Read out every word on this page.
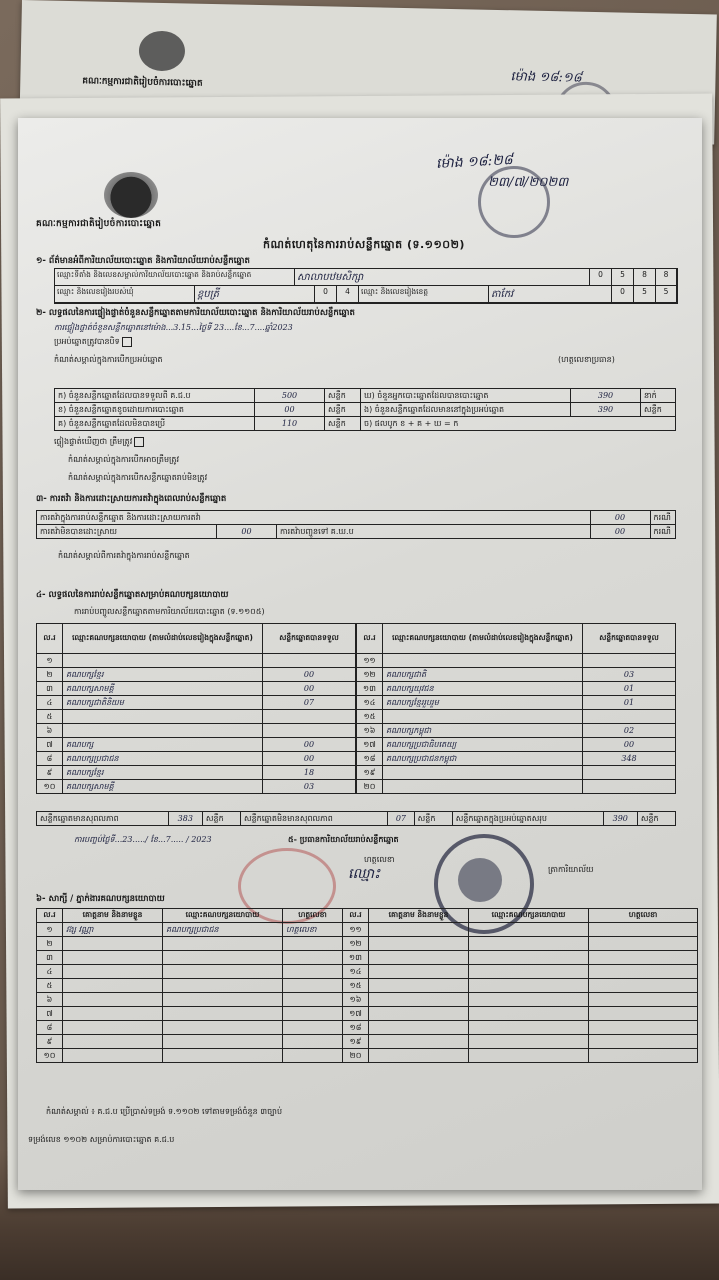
គណៈកម្មការជាតិរៀបចំការបោះឆ្នោត	ម៉ោង ១៨:១៨
គណៈកម្មការជាតិរៀបចំការបោះឆ្នោត
ម៉ោង ១៨:២៨
២៣/៧/២០២៣
កំណត់ហេតុនៃការរាប់សន្លឹកឆ្នោត (ទ.១១០២)
១- ព័ត៌មានអំពីការិយាល័យបោះឆ្នោត និងការិយាល័យរាប់សន្លឹកឆ្នោត
ឈ្មោះទីតាំង និងលេខសម្គាល់ការិយាល័យបោះឆ្នោត និងរាប់សន្លឹកឆ្នោត	សាលាបឋមសិក្សា	0	5	8	8
ឈ្មោះ និងលេខរៀងរបស់ឃុំ	ខ្ពបត្រី	0	4	ឈ្មោះ និងលេខរៀងខេត្ត	តាកែវ	0	5	5
២- លទ្ធផលនៃការផ្ទៀងផ្ទាត់ចំនួនសន្លឹកឆ្នោតតាមការិយាល័យបោះឆ្នោត និងការិយាល័យរាប់សន្លឹកឆ្នោត
ការផ្ទៀងផ្ទាត់ចំនួនសន្លឹកឆ្នោតនៅម៉ោង...3.15...ថ្ងៃទី 23....ខែ...7....ឆ្នាំ2023
ប្រអប់ឆ្នោតត្រូវបានបិទ
កំណត់សម្គាល់ក្នុងការបើកប្រអប់ឆ្នោត	(ហត្ថលេខាប្រធាន)
ក) ចំនួនសន្លឹកឆ្នោតដែលបានទទួលពី គ.ជ.ប	500	សន្លឹក	ឃ) ចំនួនអ្នកបោះឆ្នោតដែលបានបោះឆ្នោត	390	នាក់
ខ) ចំនួនសន្លឹកឆ្នោតខូចដោយការបោះឆ្នោត	00	សន្លឹក	ង) ចំនួនសន្លឹកឆ្នោតដែលមាននៅក្នុងប្រអប់ឆ្នោត	390	សន្លឹក
គ) ចំនួនសន្លឹកឆ្នោតដែលមិនបានប្រើ	110	សន្លឹក	ច) ផលបូក ខ + គ + ឃ = ក		
ផ្ទៀងផ្ទាត់ឃើញថា ត្រឹមត្រូវ
កំណត់សម្គាល់ក្នុងការបើកអាចត្រឹមត្រូវ
កំណត់សម្គាល់ក្នុងការបើកសន្លឹកឆ្នោតរាប់មិនត្រូវ
៣- ការតវ៉ា និងការដោះស្រាយការតវ៉ាក្នុងពេលរាប់សន្លឹកឆ្នោត
ការតវ៉ាក្នុងការរាប់សន្លឹកឆ្នោត និងការដោះស្រាយការតវ៉ា			00	ករណី
ការតវ៉ាមិនបានដោះស្រាយ	00	ការតវ៉ាបញ្ជូនទៅ គ.ឃ.ប	00	ករណី
កំណត់សម្គាល់ពីការតវ៉ាក្នុងការរាប់សន្លឹកឆ្នោត
៤- លទ្ធផលនៃការរាប់សន្លឹកឆ្នោតសម្រាប់គណបក្សនយោបាយ
ការរាប់បញ្ចូលសន្លឹកឆ្នោតតាមការិយាល័យបោះឆ្នោត (ទ.១១០៥)
ល.រ	ឈ្មោះគណបក្សនយោបាយ (តាមលំដាប់លេខរៀងក្នុងសន្លឹកឆ្នោត)	សន្លឹកឆ្នោតបានទទួល
១		
២	គណបក្សខ្មែរ	00
៣	គណបក្សសាមគ្គី	00
៤	គណបក្សជាតិនិយម	07
៥		
៦		
៧	គណបក្ស	00
៨	គណបក្សប្រជាជន	00
៩	គណបក្សខ្មែរ	18
១០	គណបក្សសាមគ្គី	03
ល.រ	ឈ្មោះគណបក្សនយោបាយ (តាមលំដាប់លេខរៀងក្នុងសន្លឹកឆ្នោត)	សន្លឹកឆ្នោតបានទទួល
១១		
១២	គណបក្សជាតិ	03
១៣	គណបក្សយុវជន	01
១៤	គណបក្សខ្មែររួបរួម	01
១៥		
១៦	គណបក្សកម្ពុជា	02
១៧	គណបក្សប្រជាធិបតេយ្យ	00
១៨	គណបក្សប្រជាជនកម្ពុជា	348
១៩		
២០		
សន្លឹកឆ្នោតមានសុពលភាព	383	សន្លឹក	សន្លឹកឆ្នោតមិនមានសុពលភាព	07	សន្លឹក	សន្លឹកឆ្នោតក្នុងប្រអប់ឆ្នោតសរុប	390	សន្លឹក
ការបញ្ចប់ថ្ងៃទី...23...../ ខែ...7..... / 2023	៥- ប្រធានការិយាល័យរាប់សន្លឹកឆ្នោត
ហត្ថលេខា
ឈ្មោះ	ត្រាការិយាល័យ
៦- សាក្សី / ភ្នាក់ងារគណបក្សនយោបាយ
ល.រ	គោត្តនាម និងនាមខ្លួន	ឈ្មោះគណបក្សនយោបាយ	ហត្ថលេខា	ល.រ	គោត្តនាម និងនាមខ្លួន	ឈ្មោះគណបក្សនយោបាយ	ហត្ថលេខា
១	វង្ស វណ្ណា	គណបក្សប្រជាជន	ហត្ថលេខា	១១			
២				១២			
៣				១៣			
៤				១៤			
៥				១៥			
៦				១៦			
៧				១៧			
៨				១៨			
៩				១៩			
១០				២០			
កំណត់សម្គាល់ ៖ គ.ជ.ប ប្រើប្រាស់ទម្រង់ ទ.១១០២ ទៅតាមទម្រង់ចំនួន ៣ច្បាប់
ទម្រង់លេខ ១១០២ សម្រាប់ការបោះឆ្នោត គ.ជ.ប
